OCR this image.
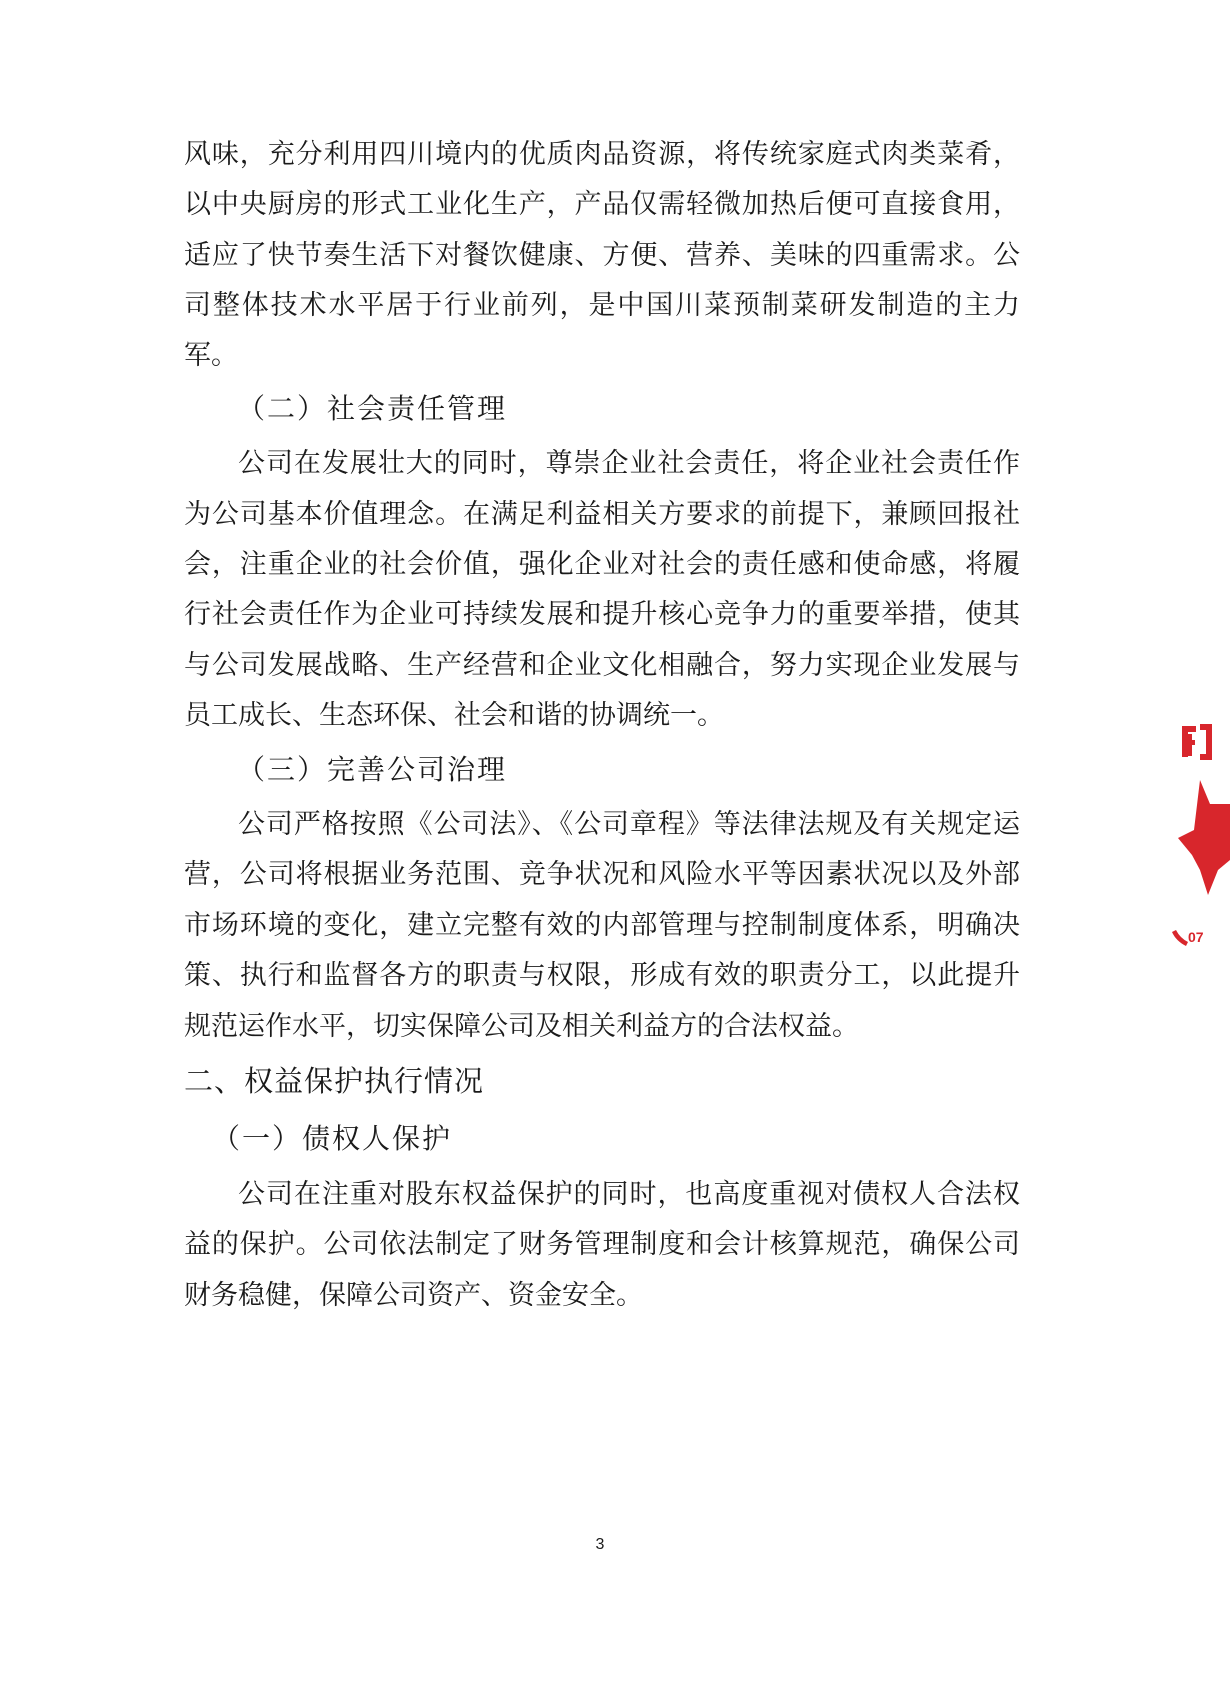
风味，充分利用四川境内的优质肉品资源，将传统家庭式肉类菜肴，
以中央厨房的形式工业化生产，产品仅需轻微加热后便可直接食用，
适应了快节奏生活下对餐饮健康、方便、营养、美味的四重需求。公
司整体技术水平居于行业前列，是中国川菜预制菜研发制造的主力
军。
（二）社会责任管理
公司在发展壮大的同时，尊崇企业社会责任，将企业社会责任作
为公司基本价值理念。在满足利益相关方要求的前提下，兼顾回报社
会，注重企业的社会价值，强化企业对社会的责任感和使命感，将履
行社会责任作为企业可持续发展和提升核心竞争力的重要举措，使其
与公司发展战略、生产经营和企业文化相融合，努力实现企业发展与
员工成长、生态环保、社会和谐的协调统一。
（三）完善公司治理
公司严格按照《公司法》、《公司章程》等法律法规及有关规定运
营，公司将根据业务范围、竞争状况和风险水平等因素状况以及外部
市场环境的变化，建立完整有效的内部管理与控制制度体系，明确决
策、执行和监督各方的职责与权限，形成有效的职责分工，以此提升
规范运作水平，切实保障公司及相关利益方的合法权益。
二、权益保护执行情况
（一）债权人保护
公司在注重对股东权益保护的同时，也高度重视对债权人合法权
益的保护。公司依法制定了财务管理制度和会计核算规范，确保公司
财务稳健，保障公司资产、资金安全。
3
07
